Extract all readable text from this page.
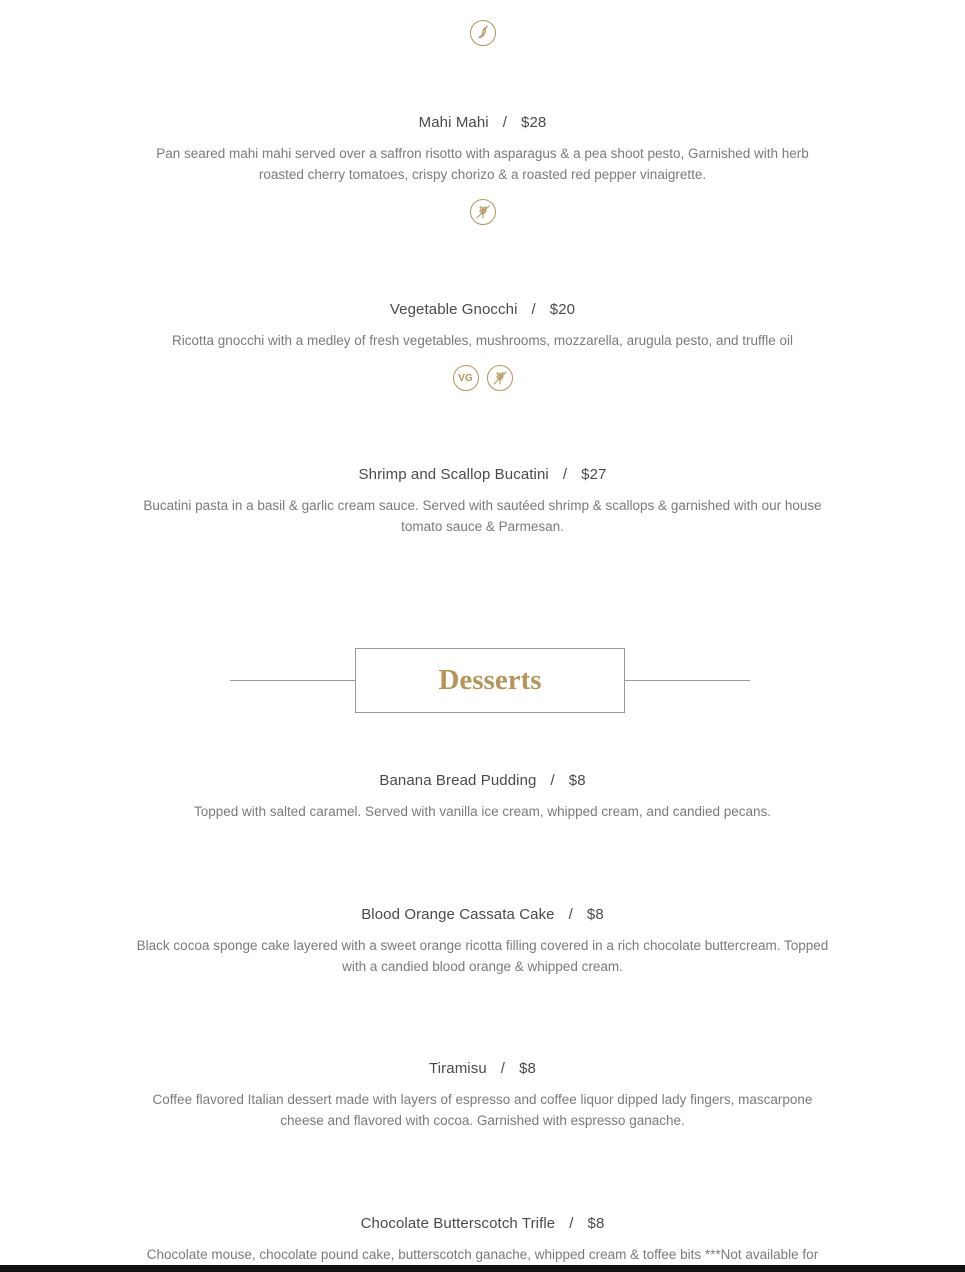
Mahi Mahi / $28

Pan seared mahi mahi served over a saffron risotto with asparagus & a pea shoot pesto, Garnished with herb roasted cherry tomatoes, crispy chorizo & a roasted red pepper vinaigrette.

Vegetable Gnocchi / $20

Ricotta gnocchi with a medley of fresh vegetables, mushrooms, mozzarella, arugula pesto, and truffle oil

VG

Shrimp and Scallop Bucatini / $27

Bucatini pasta in a basil & garlic cream sauce. Served with sautéed shrimp & scallops & garnished with our house tomato sauce & Parmesan.

Desserts

Banana Bread Pudding / $8

Topped with salted caramel. Served with vanilla ice cream, whipped cream, and candied pecans.

Blood Orange Cassata Cake / $8

Black cocoa sponge cake layered with a sweet orange ricotta filling covered in a rich chocolate buttercream. Topped with a candied blood orange & whipped cream.

Tiramisu / $8

Coffee flavored Italian dessert made with layers of espresso and coffee liquor dipped lady fingers, mascarpone cheese and flavored with cocoa. Garnished with espresso ganache.

Chocolate Butterscotch Trifle / $8

Chocolate mouse, chocolate pound cake, butterscotch ganache, whipped cream & toffee bits ***Not available for
